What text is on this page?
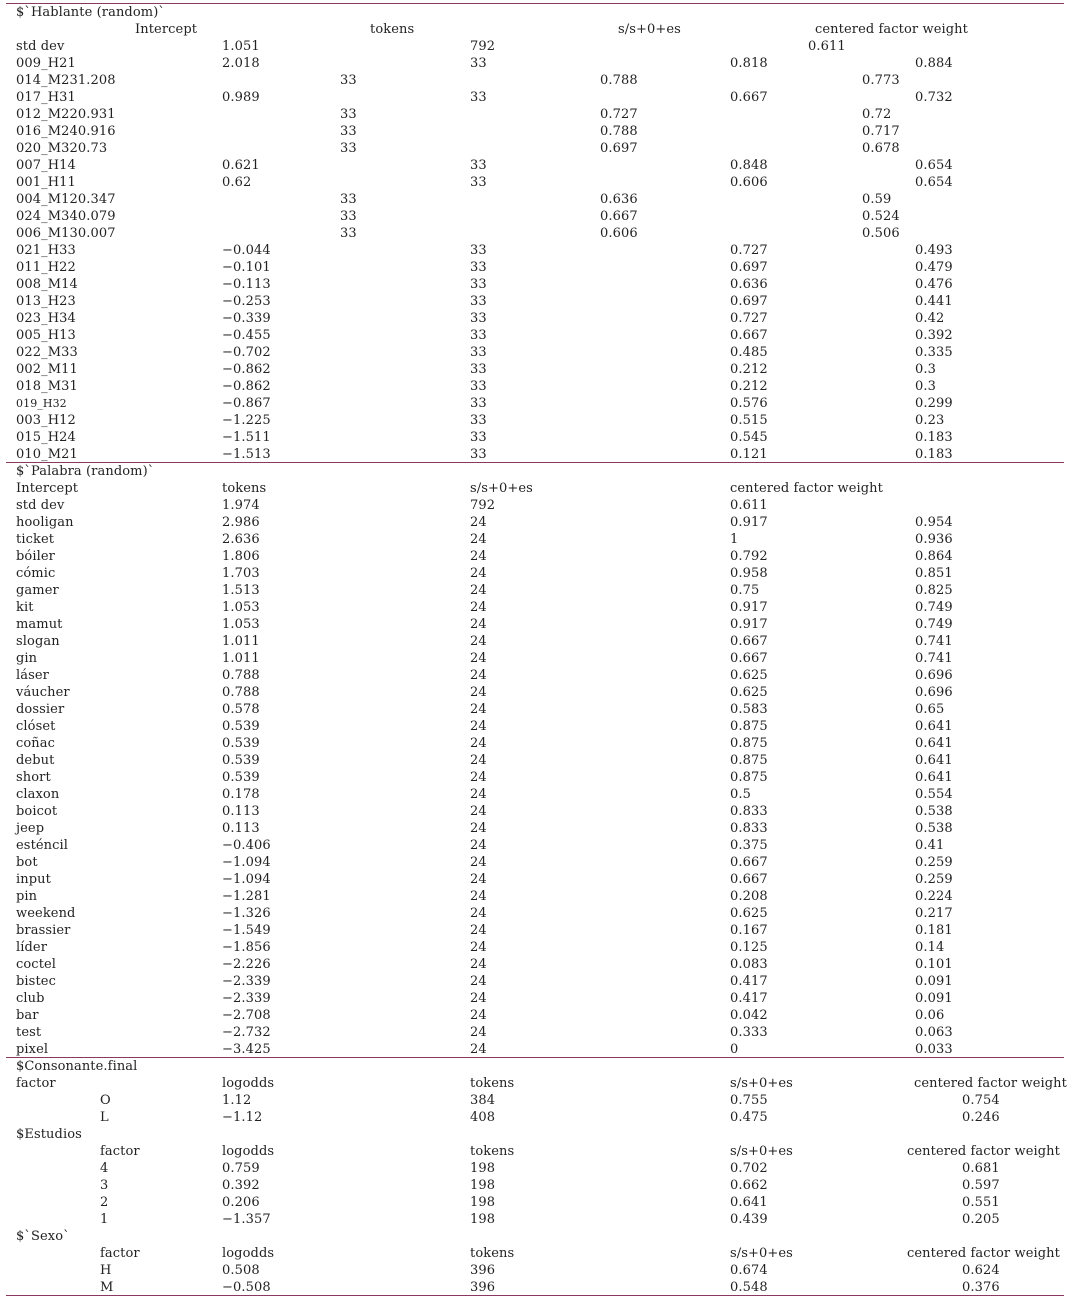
$`Hablante (random)`
Intercept	tokens	s/s+0+es	centered factor weight
std dev	1.051	792	0.611
009_H21	2.018	33	0.818	0.884
014_M231.208	33	0.788	0.773
017_H31	0.989	33	0.667	0.732
012_M220.931	33	0.727	0.72
016_M240.916	33	0.788	0.717
020_M320.73	33	0.697	0.678
007_H14	0.621	33	0.848	0.654
001_H11	0.62	33	0.606	0.654
004_M120.347	33	0.636	0.59
024_M340.079	33	0.667	0.524
006_M130.007	33	0.606	0.506
021_H33	−0.044	33	0.727	0.493
011_H22	−0.101	33	0.697	0.479
008_M14	−0.113	33	0.636	0.476
013_H23	−0.253	33	0.697	0.441
023_H34	−0.339	33	0.727	0.42
005_H13	−0.455	33	0.667	0.392
022_M33	−0.702	33	0.485	0.335
002_M11	−0.862	33	0.212	0.3
018_M31	−0.862	33	0.212	0.3
019_H32	−0.867	33	0.576	0.299
003_H12	−1.225	33	0.515	0.23
015_H24	−1.511	33	0.545	0.183
010_M21	−1.513	33	0.121	0.183
$`Palabra (random)`
Intercept	tokens	s/s+0+es	centered factor weight
std dev	1.974	792	0.611
hooligan	2.986	24	0.917	0.954
ticket	2.636	24	1	0.936
bóiler	1.806	24	0.792	0.864
cómic	1.703	24	0.958	0.851
gamer	1.513	24	0.75	0.825
kit	1.053	24	0.917	0.749
mamut	1.053	24	0.917	0.749
slogan	1.011	24	0.667	0.741
gin	1.011	24	0.667	0.741
láser	0.788	24	0.625	0.696
váucher	0.788	24	0.625	0.696
dossier	0.578	24	0.583	0.65
clóset	0.539	24	0.875	0.641
coñac	0.539	24	0.875	0.641
debut	0.539	24	0.875	0.641
short	0.539	24	0.875	0.641
claxon	0.178	24	0.5	0.554
boicot	0.113	24	0.833	0.538
jeep	0.113	24	0.833	0.538
esténcil	−0.406	24	0.375	0.41
bot	−1.094	24	0.667	0.259
input	−1.094	24	0.667	0.259
pin	−1.281	24	0.208	0.224
weekend	−1.326	24	0.625	0.217
brassier	−1.549	24	0.167	0.181
líder	−1.856	24	0.125	0.14
coctel	−2.226	24	0.083	0.101
bistec	−2.339	24	0.417	0.091
club	−2.339	24	0.417	0.091
bar	−2.708	24	0.042	0.06
test	−2.732	24	0.333	0.063
pixel	−3.425	24	0	0.033
$Consonante.final
factor	logodds	tokens	s/s+0+es	centered factor weight
O	1.12	384	0.755	0.754
L	−1.12	408	0.475	0.246
$Estudios
factor	logodds	tokens	s/s+0+es	centered factor weight
4	0.759	198	0.702	0.681
3	0.392	198	0.662	0.597
2	0.206	198	0.641	0.551
1	−1.357	198	0.439	0.205
$`Sexo`
factor	logodds	tokens	s/s+0+es	centered factor weight
H	0.508	396	0.674	0.624
M	−0.508	396	0.548	0.376
